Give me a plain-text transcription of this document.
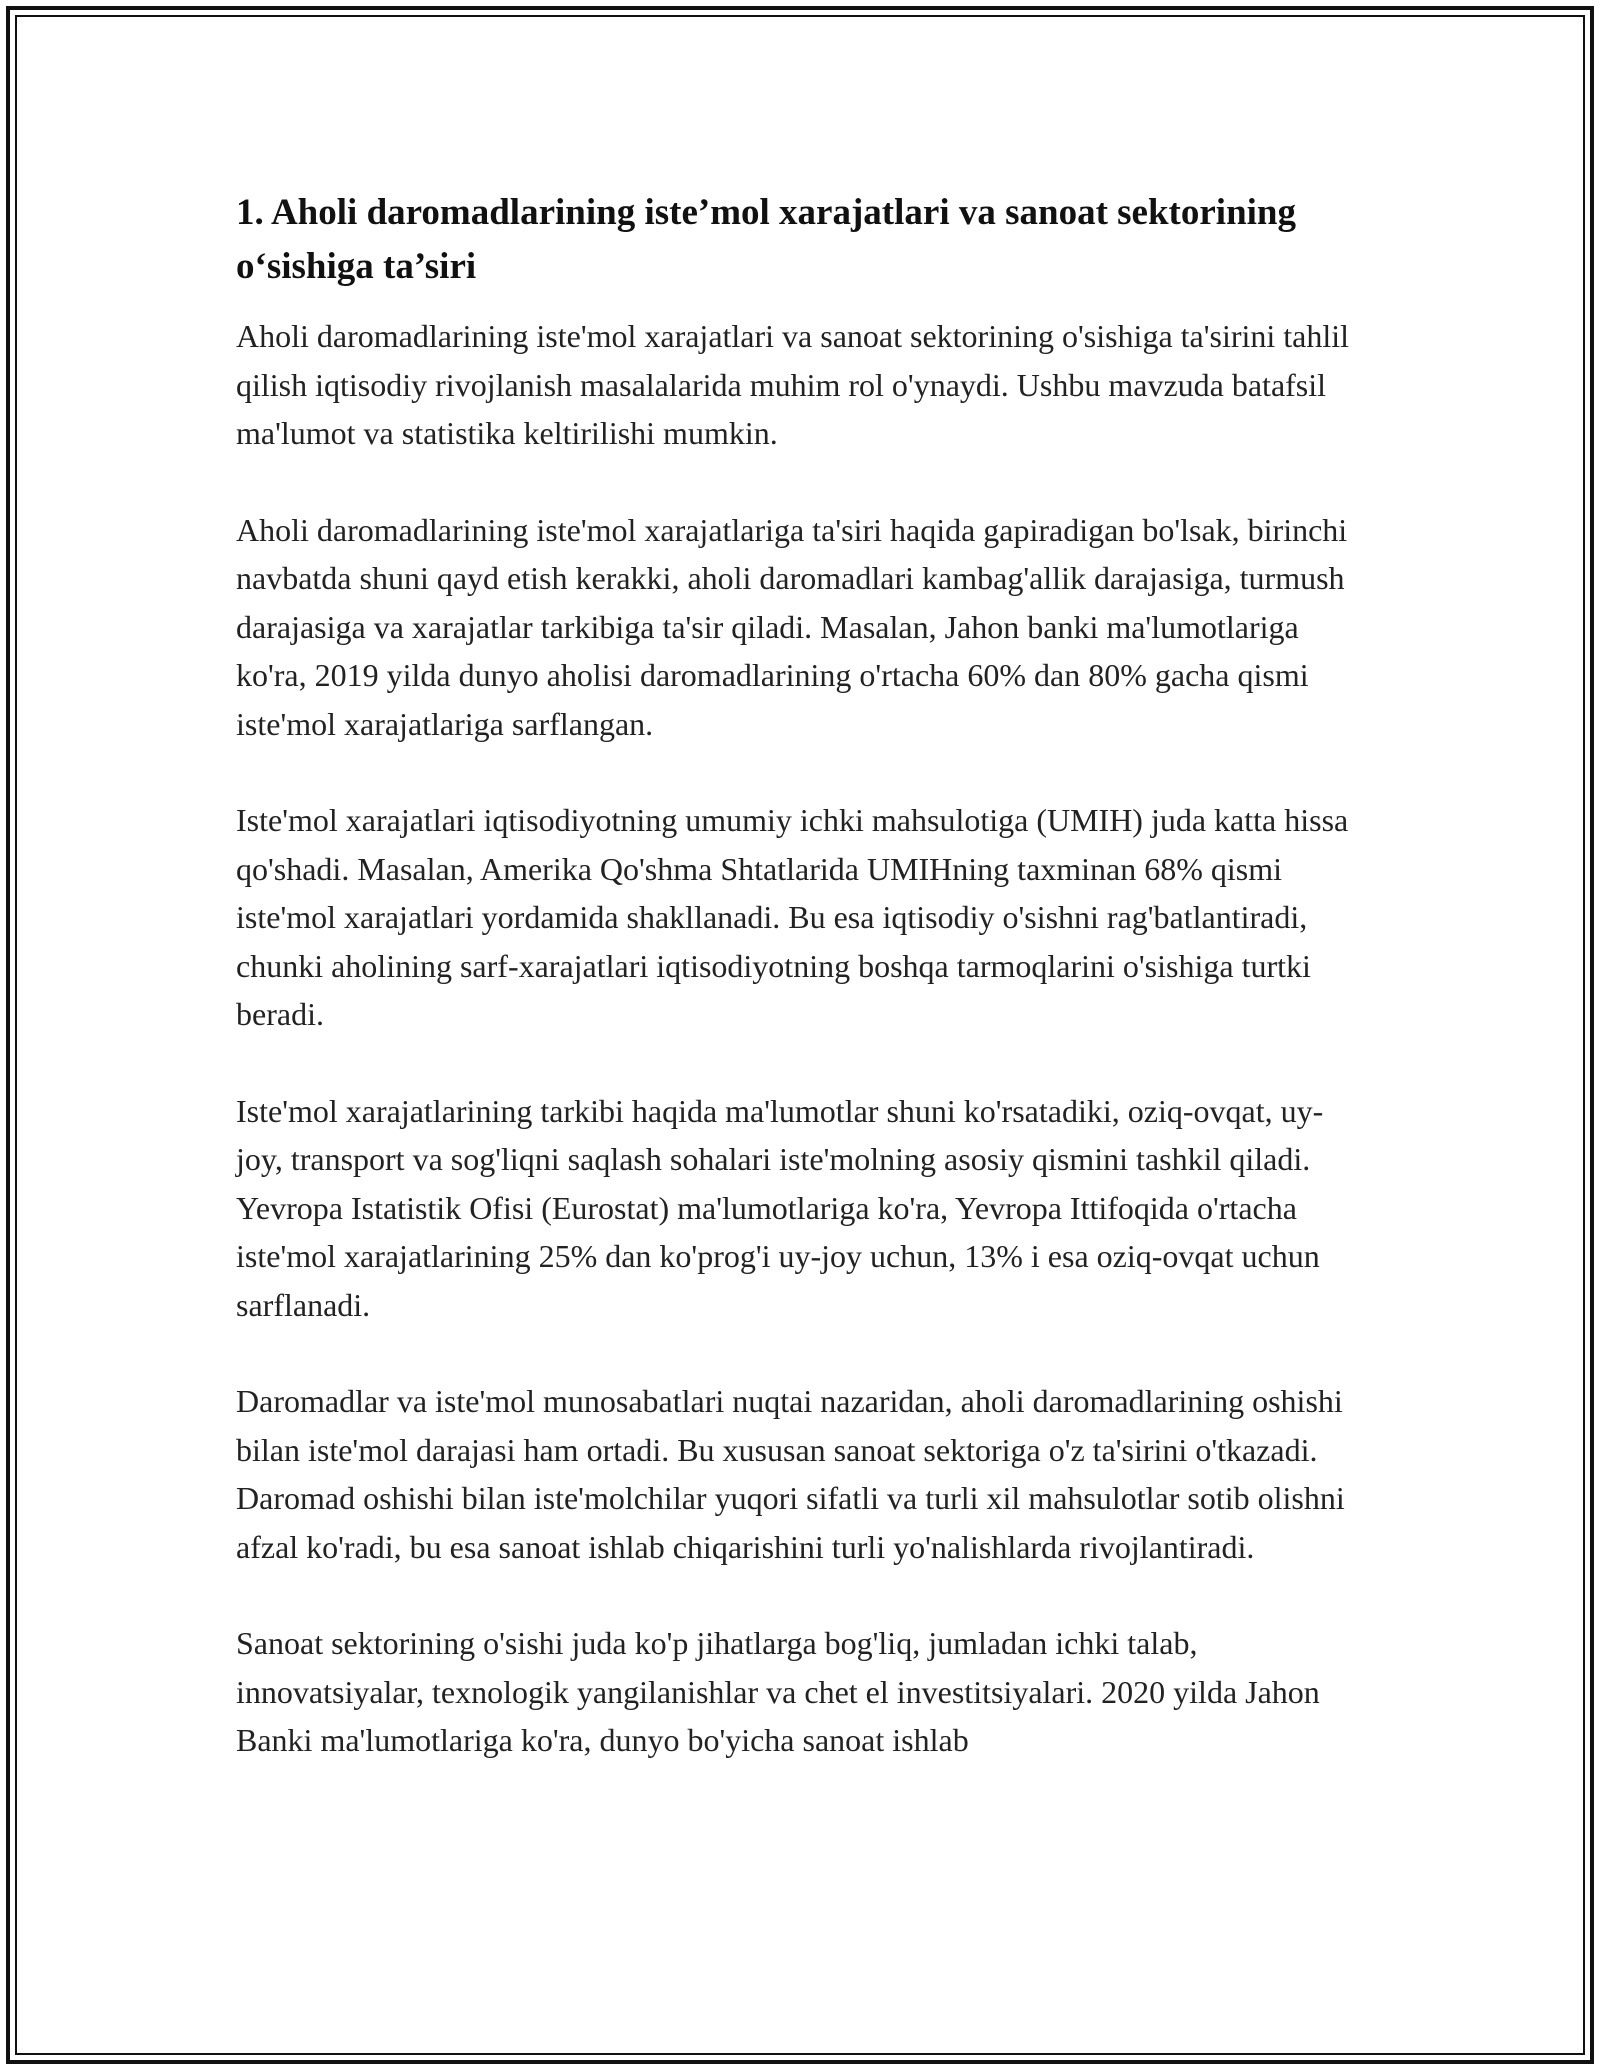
1. Aholi daromadlarining iste’mol xarajatlari va sanoat sektorining o‘sishiga ta’siri

Aholi daromadlarining iste'mol xarajatlari va sanoat sektorining o'sishiga ta'sirini tahlil qilish iqtisodiy rivojlanish masalalarida muhim rol o'ynaydi. Ushbu mavzuda batafsil ma'lumot va statistika keltirilishi mumkin.

Aholi daromadlarining iste'mol xarajatlariga ta'siri haqida gapiradigan bo'lsak, birinchi navbatda shuni qayd etish kerakki, aholi daromadlari kambag'allik darajasiga, turmush darajasiga va xarajatlar tarkibiga ta'sir qiladi. Masalan, Jahon banki ma'lumotlariga ko'ra, 2019 yilda dunyo aholisi daromadlarining o'rtacha 60% dan 80% gacha qismi iste'mol xarajatlariga sarflangan.

Iste'mol xarajatlari iqtisodiyotning umumiy ichki mahsulotiga (UMIH) juda katta hissa qo'shadi. Masalan, Amerika Qo'shma Shtatlarida UMIHning taxminan 68% qismi iste'mol xarajatlari yordamida shakllanadi. Bu esa iqtisodiy o'sishni rag'batlantiradi, chunki aholining sarf-xarajatlari iqtisodiyotning boshqa tarmoqlarini o'sishiga turtki beradi.

Iste'mol xarajatlarining tarkibi haqida ma'lumotlar shuni ko'rsatadiki, oziq-ovqat, uy-joy, transport va sog'liqni saqlash sohalari iste'molning asosiy qismini tashkil qiladi. Yevropa Istatistik Ofisi (Eurostat) ma'lumotlariga ko'ra, Yevropa Ittifoqida o'rtacha iste'mol xarajatlarining 25% dan ko'prog'i uy-joy uchun, 13% i esa oziq-ovqat uchun sarflanadi.

Daromadlar va iste'mol munosabatlari nuqtai nazaridan, aholi daromadlarining oshishi bilan iste'mol darajasi ham ortadi. Bu xususan sanoat sektoriga o'z ta'sirini o'tkazadi. Daromad oshishi bilan iste'molchilar yuqori sifatli va turli xil mahsulotlar sotib olishni afzal ko'radi, bu esa sanoat ishlab chiqarishini turli yo'nalishlarda rivojlantiradi.

Sanoat sektorining o'sishi juda ko'p jihatlarga bog'liq, jumladan ichki talab, innovatsiyalar, texnologik yangilanishlar va chet el investitsiyalari. 2020 yilda Jahon Banki ma'lumotlariga ko'ra, dunyo bo'yicha sanoat ishlab
